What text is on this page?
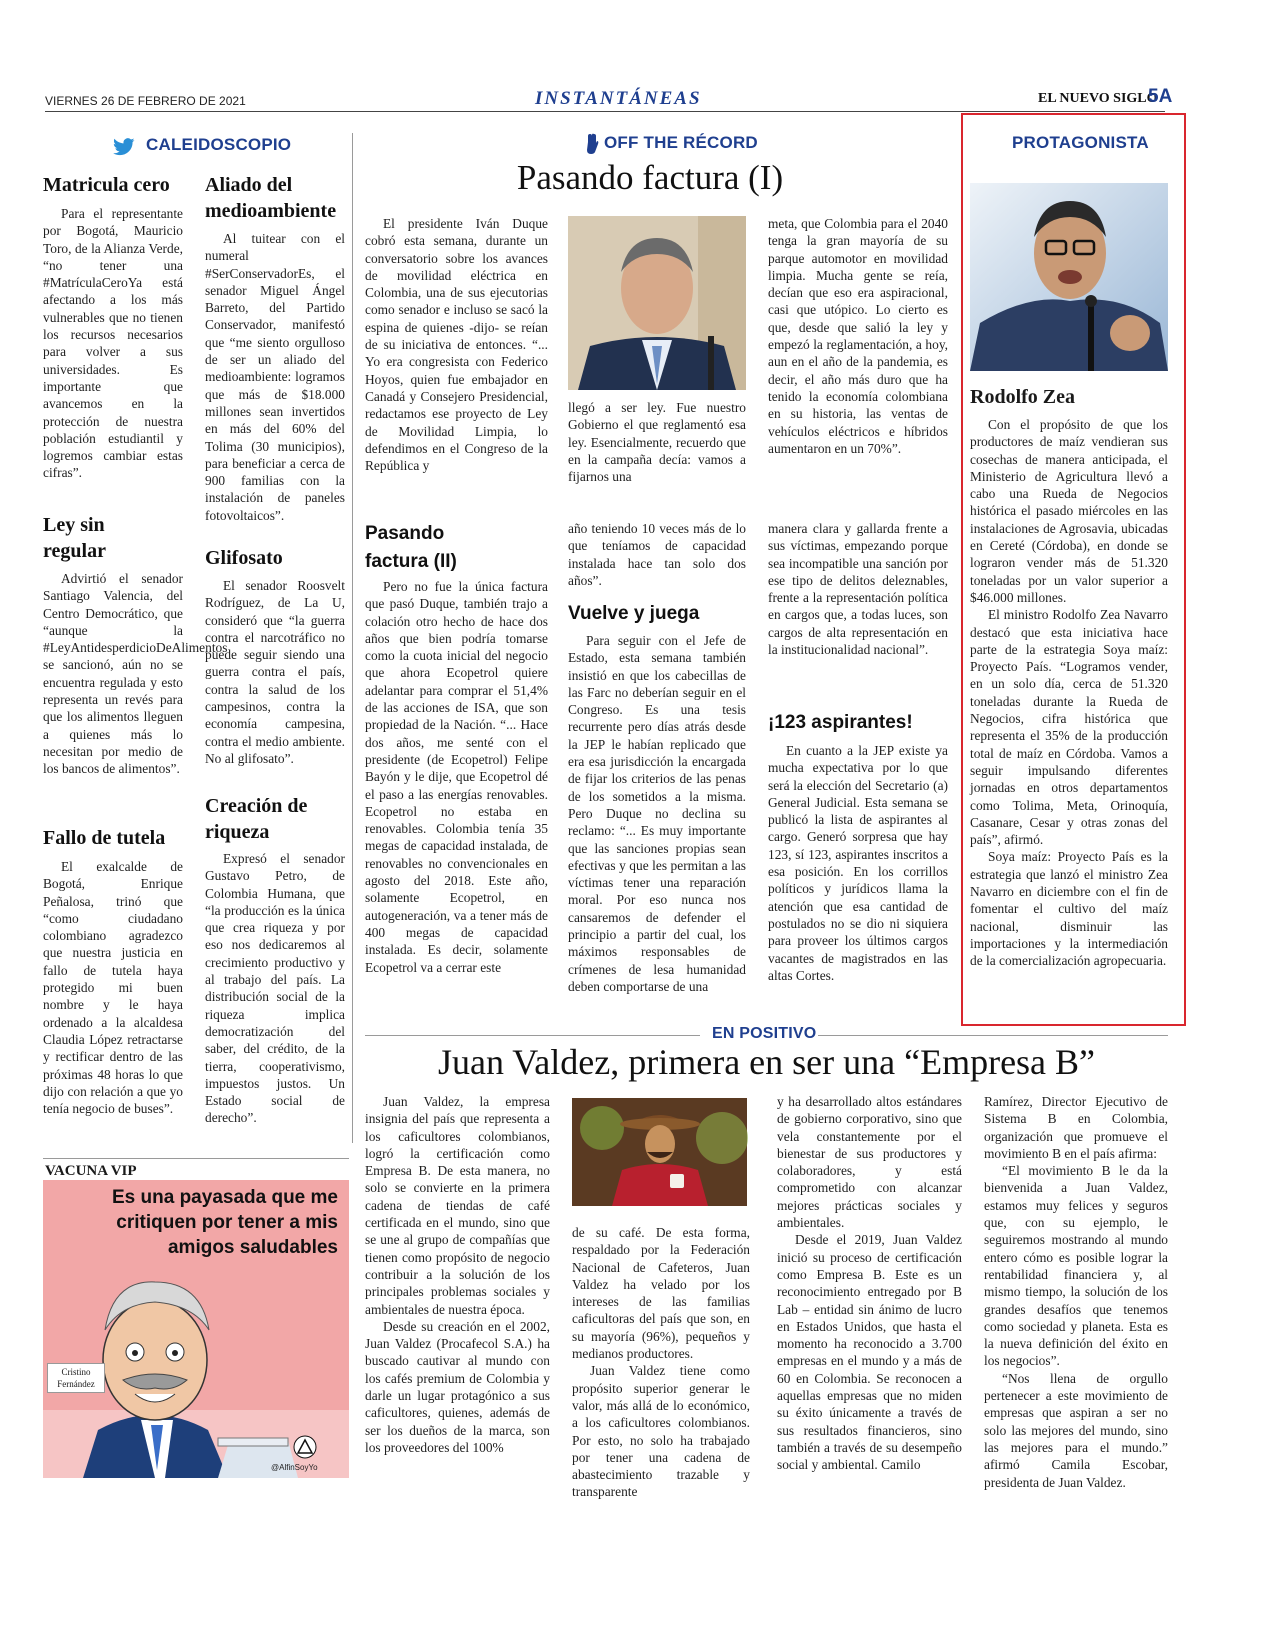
VIERNES 26 DE FEBRERO DE 2021	INSTANTÁNEAS	EL NUEVO SIGLO
5A
CALEIDOSCOPIO
Matricula cero

Para el representante por Bogotá, Mauricio Toro, de la Alianza Verde, “no tener una #MatrículaCeroYa está afectando a los más vulnerables que no tienen los recursos necesarios para volver a sus universidades. Es importante que avancemos en la protección de nuestra población estudiantil y logremos cambiar estas cifras”.

Ley sin regular

Advirtió el senador Santiago Valencia, del Centro Democrático, que “aunque la #LeyAntidesperdicioDeAlimentos se sancionó, aún no se encuentra regulada y esto representa un revés para que los alimentos lleguen a quienes más lo necesitan por medio de los bancos de alimentos”.

Fallo de tutela

El exalcalde de Bogotá, Enrique Peñalosa, trinó que “como ciudadano colombiano agradezco que nuestra justicia en fallo de tutela haya protegido mi buen nombre y le haya ordenado a la alcaldesa Claudia López retractarse y rectificar dentro de las próximas 48 horas lo que dijo con relación a que yo tenía negocio de buses”.

Aliado del medioambiente

Al tuitear con el numeral #SerConservadorEs, el senador Miguel Ángel Barreto, del Partido Conservador, manifestó que “me siento orgulloso de ser un aliado del medioambiente: logramos que más de $18.000 millones sean invertidos en más del 60% del Tolima (30 municipios), para beneficiar a cerca de 900 familias con la instalación de paneles fotovoltaicos”.

Glifosato

El senador Roosvelt Rodríguez, de La U, consideró que “la guerra contra el narcotráfico no puede seguir siendo una guerra contra el país, contra la salud de los campesinos, contra la economía campesina, contra el medio ambiente. No al glifosato”.

Creación de riqueza

Expresó el senador Gustavo Petro, de Colombia Humana, que “la producción es la única que crea riqueza y por eso nos dedicaremos al crecimiento productivo y al trabajo del país. La distribución social de la riqueza implica democratización del saber, del crédito, de la tierra, cooperativismo, impuestos justos. Un Estado social de derecho”.

VACUNA VIP
Es una payasada que me critiquen por tener a mis amigos saludables
Cristino Fernández
@AlfinSoyYo
OFF THE RÉCORD
Pasando factura (I)

El presidente Iván Duque cobró esta semana, durante un conversatorio sobre los avances de movilidad eléctrica en Colombia, una de sus ejecutorias como senador e incluso se sacó la espina de quienes -dijo- se reían de su iniciativa de entonces. “... Yo era congresista con Federico Hoyos, quien fue embajador en Canadá y Consejero Presidencial, redactamos ese proyecto de Ley de Movilidad Limpia, lo defendimos en el Congreso de la República y

llegó a ser ley. Fue nuestro Gobierno el que reglamentó esa ley. Esencialmente, recuerdo que en la campaña decía: vamos a fijarnos una

meta, que Colombia para el 2040 tenga la gran mayoría de su parque automotor en movilidad limpia. Mucha gente se reía, decían que eso era aspiracional, casi que utópico. Lo cierto es que, desde que salió la ley y empezó la reglamentación, a hoy, aun en el año de la pandemia, es decir, el año más duro que ha tenido la economía colombiana en su historia, las ventas de vehículos eléctricos e híbridos aumentaron en un 70%”.

Pasando factura (II)

Pero no fue la única factura que pasó Duque, también trajo a colación otro hecho de hace dos años que bien podría tomarse como la cuota inicial del negocio que ahora Ecopetrol quiere adelantar para comprar el 51,4% de las acciones de ISA, que son propiedad de la Nación. “... Hace dos años, me senté con el presidente (de Ecopetrol) Felipe Bayón y le dije, que Ecopetrol dé el paso a las energías renovables. Ecopetrol no estaba en renovables. Colombia tenía 35 megas de capacidad instalada, de renovables no convencionales en agosto del 2018. Este año, solamente Ecopetrol, en autogeneración, va a tener más de 400 megas de capacidad instalada. Es decir, solamente Ecopetrol va a cerrar este

año teniendo 10 veces más de lo que teníamos de capacidad instalada hace tan solo dos años”.

Vuelve y juega

Para seguir con el Jefe de Estado, esta semana también insistió en que los cabecillas de las Farc no deberían seguir en el Congreso. Es una tesis recurrente pero días atrás desde la JEP le habían replicado que era esa jurisdicción la encargada de fijar los criterios de las penas de los sometidos a la misma. Pero Duque no declina su reclamo: “... Es muy importante que las sanciones propias sean efectivas y que les permitan a las víctimas tener una reparación moral. Por eso nunca nos cansaremos de defender el principio a partir del cual, los máximos responsables de crímenes de lesa humanidad deben comportarse de una

manera clara y gallarda frente a sus víctimas, empezando porque sea incompatible una sanción por ese tipo de delitos deleznables, frente a la representación política en cargos que, a todas luces, son cargos de alta representación en la institucionalidad nacional”.

¡123 aspirantes!

En cuanto a la JEP existe ya mucha expectativa por lo que será la elección del Secretario (a) General Judicial. Esta semana se publicó la lista de aspirantes al cargo. Generó sorpresa que hay 123, sí 123, aspirantes inscritos a esa posición. En los corrillos políticos y jurídicos llama la atención que esa cantidad de postulados no se dio ni siquiera para proveer los últimos cargos vacantes de magistrados en las altas Cortes.

PROTAGONISTA
Rodolfo Zea

Con el propósito de que los productores de maíz vendieran sus cosechas de manera anticipada, el Ministerio de Agricultura llevó a cabo una Rueda de Negocios histórica el pasado miércoles en las instalaciones de Agrosavia, ubicadas en Cereté (Córdoba), en donde se lograron vender más de 51.320 toneladas por un valor superior a $46.000 millones.

El ministro Rodolfo Zea Navarro destacó que esta iniciativa hace parte de la estrategia Soya maíz: Proyecto País. “Logramos vender, en un solo día, cerca de 51.320 toneladas durante la Rueda de Negocios, cifra histórica que representa el 35% de la producción total de maíz en Córdoba. Vamos a seguir impulsando diferentes jornadas en otros departamentos como Tolima, Meta, Orinoquía, Casanare, Cesar y otras zonas del país”, afirmó.

Soya maíz: Proyecto País es la estrategia que lanzó el ministro Zea Navarro en diciembre con el fin de fomentar el cultivo del maíz nacional, disminuir las importaciones y la intermediación de la comercialización agropecuaria.

EN POSITIVO
Juan Valdez, primera en ser una “Empresa B”

Juan Valdez, la empresa insignia del país que representa a los caficultores colombianos, logró la certificación como Empresa B. De esta manera, no solo se convierte en la primera cadena de tiendas de café certificada en el mundo, sino que se une al grupo de compañías que tienen como propósito de negocio contribuir a la solución de los principales problemas sociales y ambientales de nuestra época.

Desde su creación en el 2002, Juan Valdez (Procafecol S.A.) ha buscado cautivar al mundo con los cafés premium de Colombia y darle un lugar protagónico a sus caficultores, quienes, además de ser los dueños de la marca, son los proveedores del 100%

de su café. De esta forma, respaldado por la Federación Nacional de Cafeteros, Juan Valdez ha velado por los intereses de las familias caficultoras del país que son, en su mayoría (96%), pequeños y medianos productores.

Juan Valdez tiene como propósito superior generar le valor, más allá de lo económico, a los caficultores colombianos. Por esto, no solo ha trabajado por tener una cadena de abastecimiento trazable y transparente

y ha desarrollado altos estándares de gobierno corporativo, sino que vela constantemente por el bienestar de sus productores y colaboradores, y está comprometido con alcanzar mejores prácticas sociales y ambientales.

Desde el 2019, Juan Valdez inició su proceso de certificación como Empresa B. Este es un reconocimiento entregado por B Lab – entidad sin ánimo de lucro en Estados Unidos, que hasta el momento ha reconocido a 3.700 empresas en el mundo y a más de 60 en Colombia. Se reconocen a aquellas empresas que no miden su éxito únicamente a través de sus resultados financieros, sino también a través de su desempeño social y ambiental. Camilo

Ramírez, Director Ejecutivo de Sistema B en Colombia, organización que promueve el movimiento B en el país afirma:

“El movimiento B le da la bienvenida a Juan Valdez, estamos muy felices y seguros que, con su ejemplo, le seguiremos mostrando al mundo entero cómo es posible lograr la rentabilidad financiera y, al mismo tiempo, la solución de los grandes desafíos que tenemos como sociedad y planeta. Esta es la nueva definición del éxito en los negocios”.

“Nos llena de orgullo pertenecer a este movimiento de empresas que aspiran a ser no solo las mejores del mundo, sino las mejores para el mundo.” afirmó Camila Escobar, presidenta de Juan Valdez.
